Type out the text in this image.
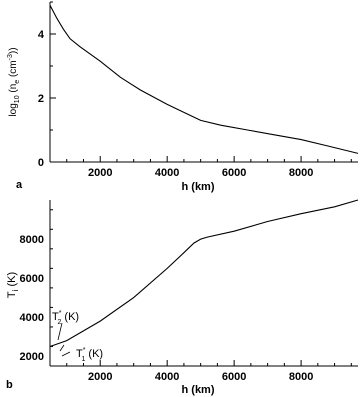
2000	4000	6000	8000
0
2
4
h (km)
a
$\log_{10} (n_e$ $(cm^{-3})$)
2000	4000	6000	8000
2000
4000
6000
8000
h (km)
b
$T_i$ (K)
T* 2 (K)
T* 1 (K)
